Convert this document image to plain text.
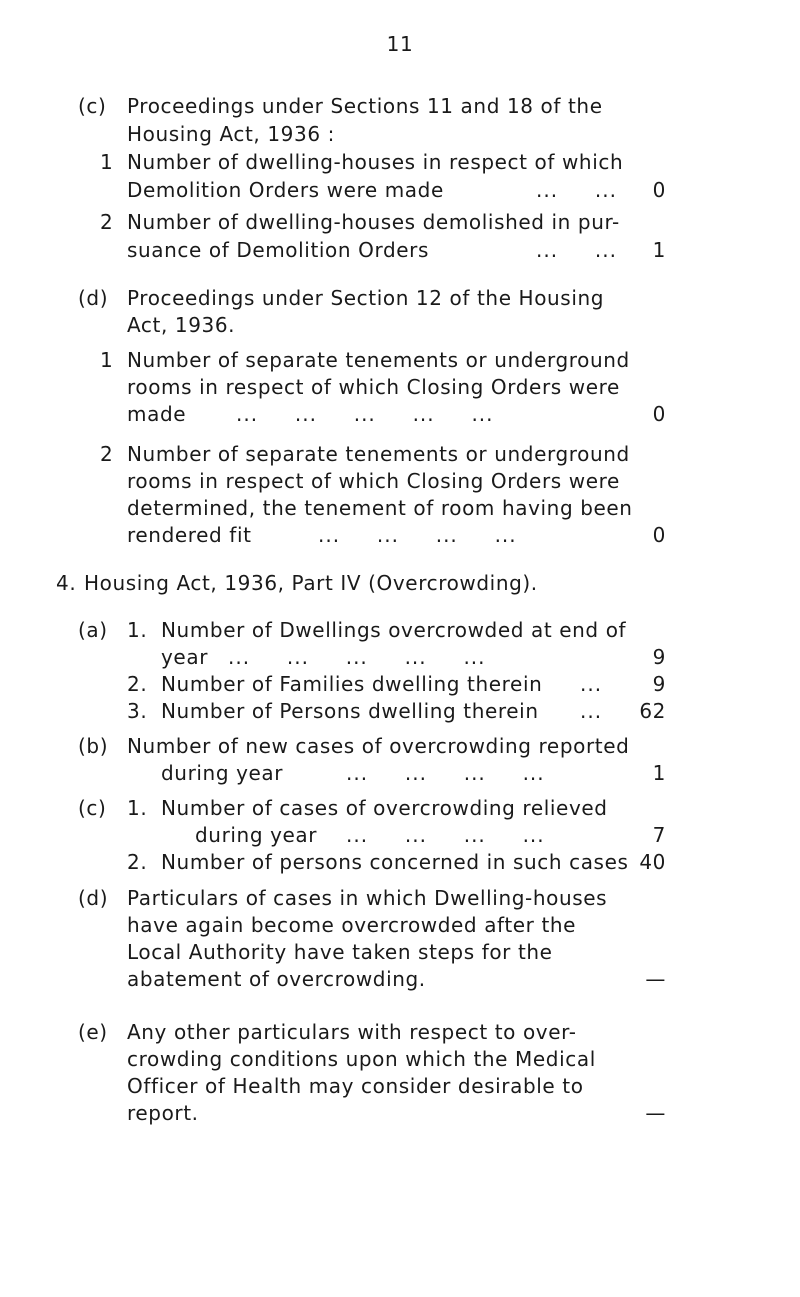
11
(c) Proceedings under Sections 11 and 18 of the
Housing Act, 1936 :
1 Number of dwelling-houses in respect of which
Demolition Orders were made	...     ...	0
2 Number of dwelling-houses demolished in pur-
suance of Demolition Orders	...     ...	1
(d) Proceedings under Section 12 of the Housing
Act, 1936.
1 Number of separate tenements or underground
rooms in respect of which Closing Orders were
made ...     ...     ...     ...     ...	0
2 Number of separate tenements or underground
rooms in respect of which Closing Orders were
determined, the tenement of room having been
rendered fit	...     ...     ...     ...	0
4. Housing Act, 1936, Part IV (Overcrowding).
(a) 1. Number of Dwellings overcrowded at end of
year ...     ...     ...     ...     ...	9
2. Number of Families dwelling therein ...	9
3. Number of Persons dwelling therein ...	62
(b) Number of new cases of overcrowding reported
during year	...     ...     ...     ...	1
(c) 1. Number of cases of overcrowding relieved
during year ...     ...     ...     ...	7
2. Number of persons concerned in such cases 40
(d) Particulars of cases in which Dwelling-houses
have again become overcrowded after the
Local Authority have taken steps for the
abatement of overcrowding.	—
(e) Any other particulars with respect to over-
crowding conditions upon which the Medical
Officer of Health may consider desirable to
report.	—
